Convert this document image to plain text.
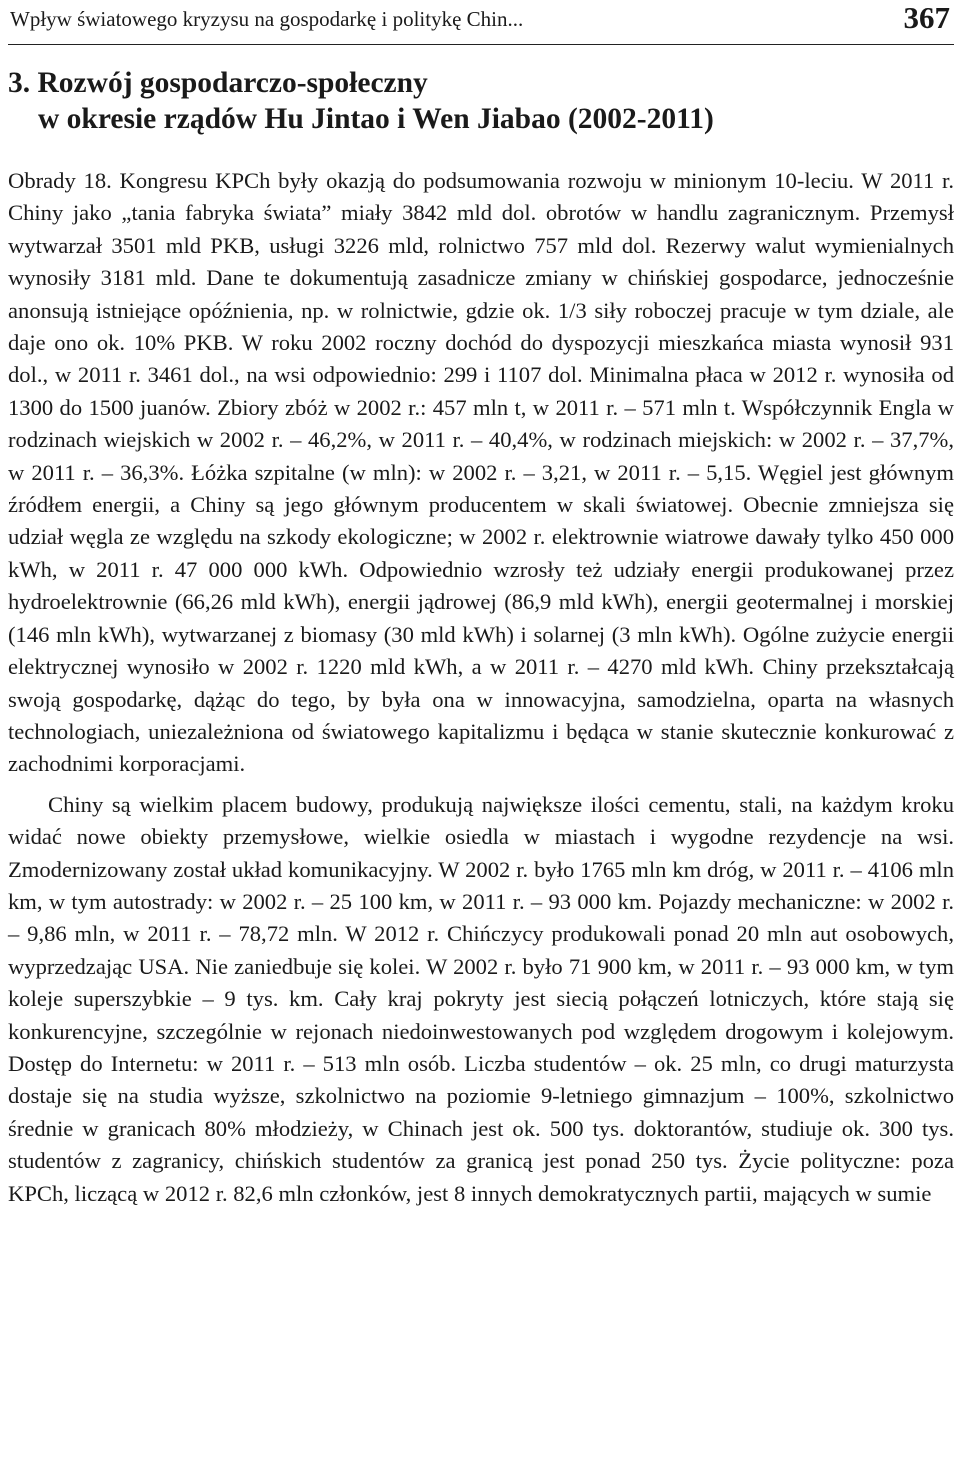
Wpływ światowego kryzysu na gospodarkę i politykę Chin...	367
3. Rozwój gospodarczo-społeczny
w okresie rządów Hu Jintao i Wen Jiabao (2002-2011)

Obrady 18. Kongresu KPCh były okazją do podsumowania rozwoju w minionym 10-leciu. W 2011 r. Chiny jako „tania fabryka świata” miały 3842 mld dol. obrotów w handlu zagranicznym. Przemysł wytwarzał 3501 mld PKB, usługi 3226 mld, rolnictwo 757 mld dol. Rezerwy walut wymienialnych wynosiły 3181 mld. Dane te dokumentują zasadnicze zmiany w chińskiej gospodarce, jednocześnie anonsują istniejące opóźnienia, np. w rolnictwie, gdzie ok. 1/3 siły roboczej pracuje w tym dziale, ale daje ono ok. 10% PKB. W roku 2002 roczny dochód do dyspozycji mieszkańca miasta wynosił 931 dol., w 2011 r. 3461 dol., na wsi odpowiednio: 299 i 1107 dol. Minimalna płaca w 2012 r. wynosiła od 1300 do 1500 juanów. Zbiory zbóż w 2002 r.: 457 mln t, w 2011 r. – 571 mln t. Współczynnik Engla w rodzinach wiejskich w 2002 r. – 46,2%, w 2011 r. – 40,4%, w rodzinach miejskich: w 2002 r. – 37,7%, w 2011 r. – 36,3%. Łóżka szpitalne (w mln): w 2002 r. – 3,21, w 2011 r. – 5,15. Węgiel jest głównym źródłem energii, a Chiny są jego głównym producentem w skali światowej. Obecnie zmniejsza się udział węgla ze względu na szkody ekologiczne; w 2002 r. elektrownie wiatrowe dawały tylko 450 000 kWh, w 2011 r. 47 000 000 kWh. Odpowiednio wzrosły też udziały energii produkowanej przez hydroelektrownie (66,26 mld kWh), energii jądrowej (86,9 mld kWh), energii geotermalnej i morskiej (146 mln kWh), wytwarzanej z biomasy (30 mld kWh) i solarnej (3 mln kWh). Ogólne zużycie energii elektrycznej wynosiło w 2002 r. 1220 mld kWh, a w 2011 r. – 4270 mld kWh. Chiny przekształcają swoją gospodarkę, dążąc do tego, by była ona w innowacyjna, samodzielna, oparta na własnych technologiach, uniezależniona od światowego kapitalizmu i będąca w stanie skutecznie konkurować z zachodnimi korporacjami.

Chiny są wielkim placem budowy, produkują największe ilości cementu, stali, na każdym kroku widać nowe obiekty przemysłowe, wielkie osiedla w miastach i wygodne rezydencje na wsi. Zmodernizowany został układ komunikacyjny. W 2002 r. było 1765 mln km dróg, w 2011 r. – 4106 mln km, w tym autostrady: w 2002 r. – 25 100 km, w 2011 r. – 93 000 km. Pojazdy mechaniczne: w 2002 r. – 9,86 mln, w 2011 r. – 78,72 mln. W 2012 r. Chińczycy produkowali ponad 20 mln aut osobowych, wyprzedzając USA. Nie zaniedbuje się kolei. W 2002 r. było 71 900 km, w 2011 r. – 93 000 km, w tym koleje superszybkie – 9 tys. km. Cały kraj pokryty jest siecią połączeń lotniczych, które stają się konkurencyjne, szczególnie w rejonach niedoinwestowanych pod względem drogowym i kolejowym. Dostęp do Internetu: w 2011 r. – 513 mln osób. Liczba studentów – ok. 25 mln, co drugi maturzysta dostaje się na studia wyższe, szkolnictwo na poziomie 9-letniego gimnazjum – 100%, szkolnictwo średnie w granicach 80% młodzieży, w Chinach jest ok. 500 tys. doktorantów, studiuje ok. 300 tys. studentów z zagranicy, chińskich studentów za granicą jest ponad 250 tys. Życie polityczne: poza KPCh, liczącą w 2012 r. 82,6 mln członków, jest 8 innych demokratycznych partii, mających w sumie
